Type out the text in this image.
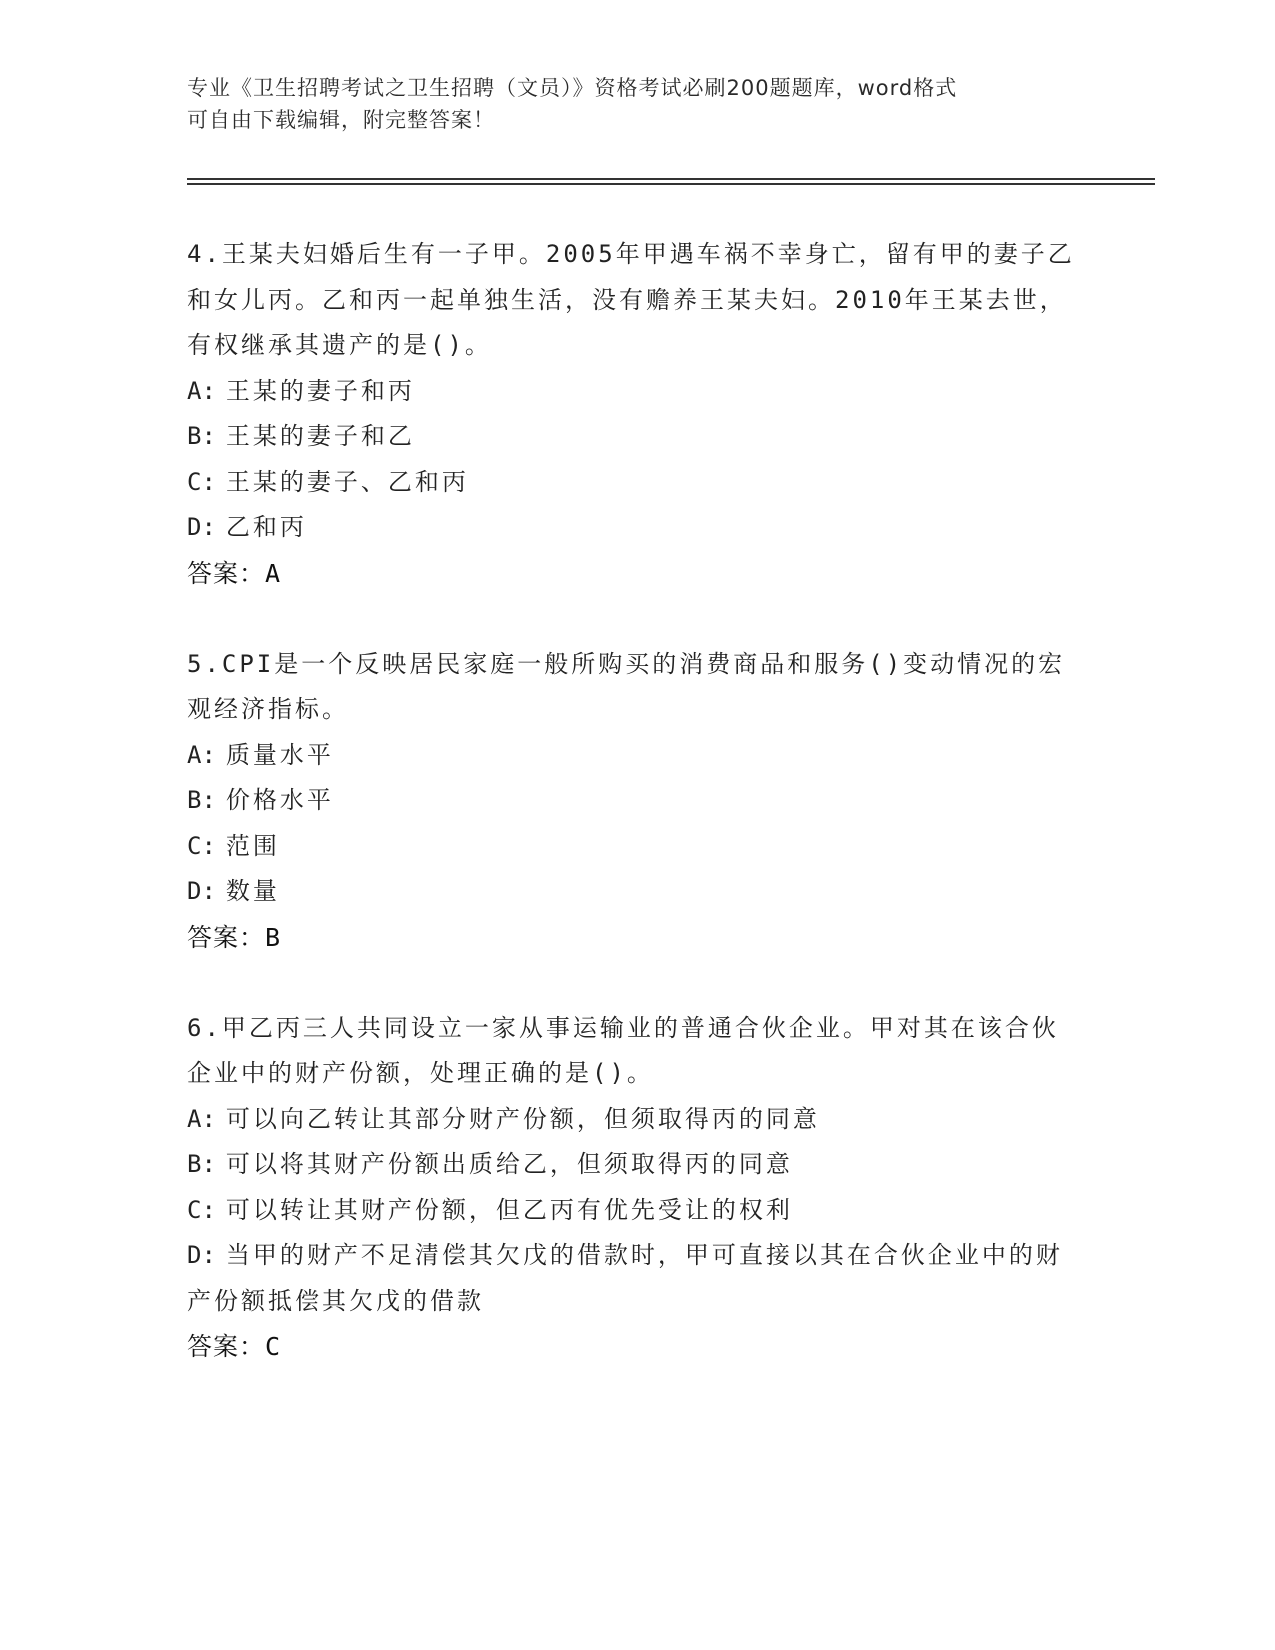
专业《卫生招聘考试之卫生招聘（文员）》资格考试必刷200题题库，word格式
可自由下载编辑，附完整答案！

4.王某夫妇婚后生有一子甲。2005年甲遇车祸不幸身亡，留有甲的妻子乙和女儿丙。乙和丙一起单独生活，没有赡养王某夫妇。2010年王某去世，有权继承其遗产的是()。

A : 王某的妻子和丙

B : 王某的妻子和乙

C : 王某的妻子、乙和丙

D : 乙和丙

答案：A

5.CPI是一个反映居民家庭一般所购买的消费商品和服务()变动情况的宏观经济指标。

A : 质量水平

B : 价格水平

C : 范围

D : 数量

答案：B

6.甲乙丙三人共同设立一家从事运输业的普通合伙企业。甲对其在该合伙企业中的财产份额，处理正确的是()。

A : 可以向乙转让其部分财产份额，但须取得丙的同意

B : 可以将其财产份额出质给乙，但须取得丙的同意

C : 可以转让其财产份额，但乙丙有优先受让的权利

D: 当甲的财产不足清偿其欠戊的借款时，甲可直接以其在合伙企业中的财产份额抵偿其欠戊的借款

答案：C
